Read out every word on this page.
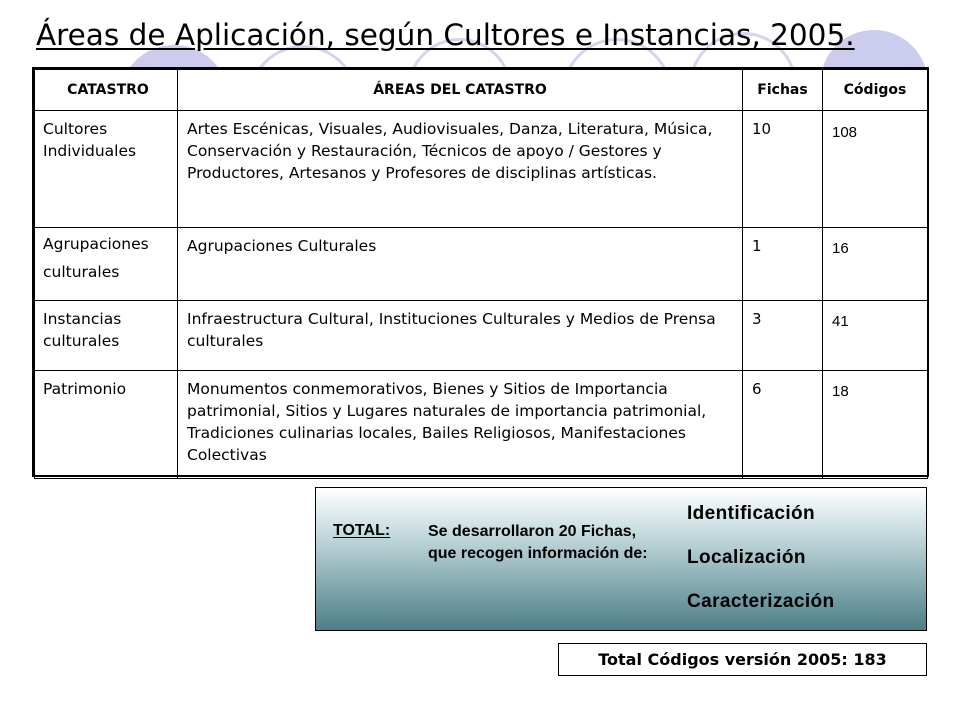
Áreas de Aplicación, según Cultores e Instancias, 2005.
CATASTRO	ÁREAS DEL CATASTRO	Fichas	Códigos
Cultores Individuales	Artes Escénicas, Visuales, Audiovisuales, Danza, Literatura, Música, Conservación y Restauración, Técnicos de apoyo / Gestores y Productores, Artesanos y Profesores de disciplinas artísticas.	10	108
Agrupaciones culturales	Agrupaciones Culturales	1	16
Instancias culturales	Infraestructura Cultural, Instituciones Culturales y Medios de Prensa culturales	3	41
Patrimonio	Monumentos conmemorativos, Bienes y Sitios de Importancia patrimonial, Sitios y Lugares naturales de importancia patrimonial, Tradiciones culinarias locales, Bailes Religiosos, Manifestaciones Colectivas	6	18
TOTAL: Se desarrollaron 20 Fichas, que recogen información de:
Identificación
Localización
Caracterización
Total Códigos versión 2005: 183
